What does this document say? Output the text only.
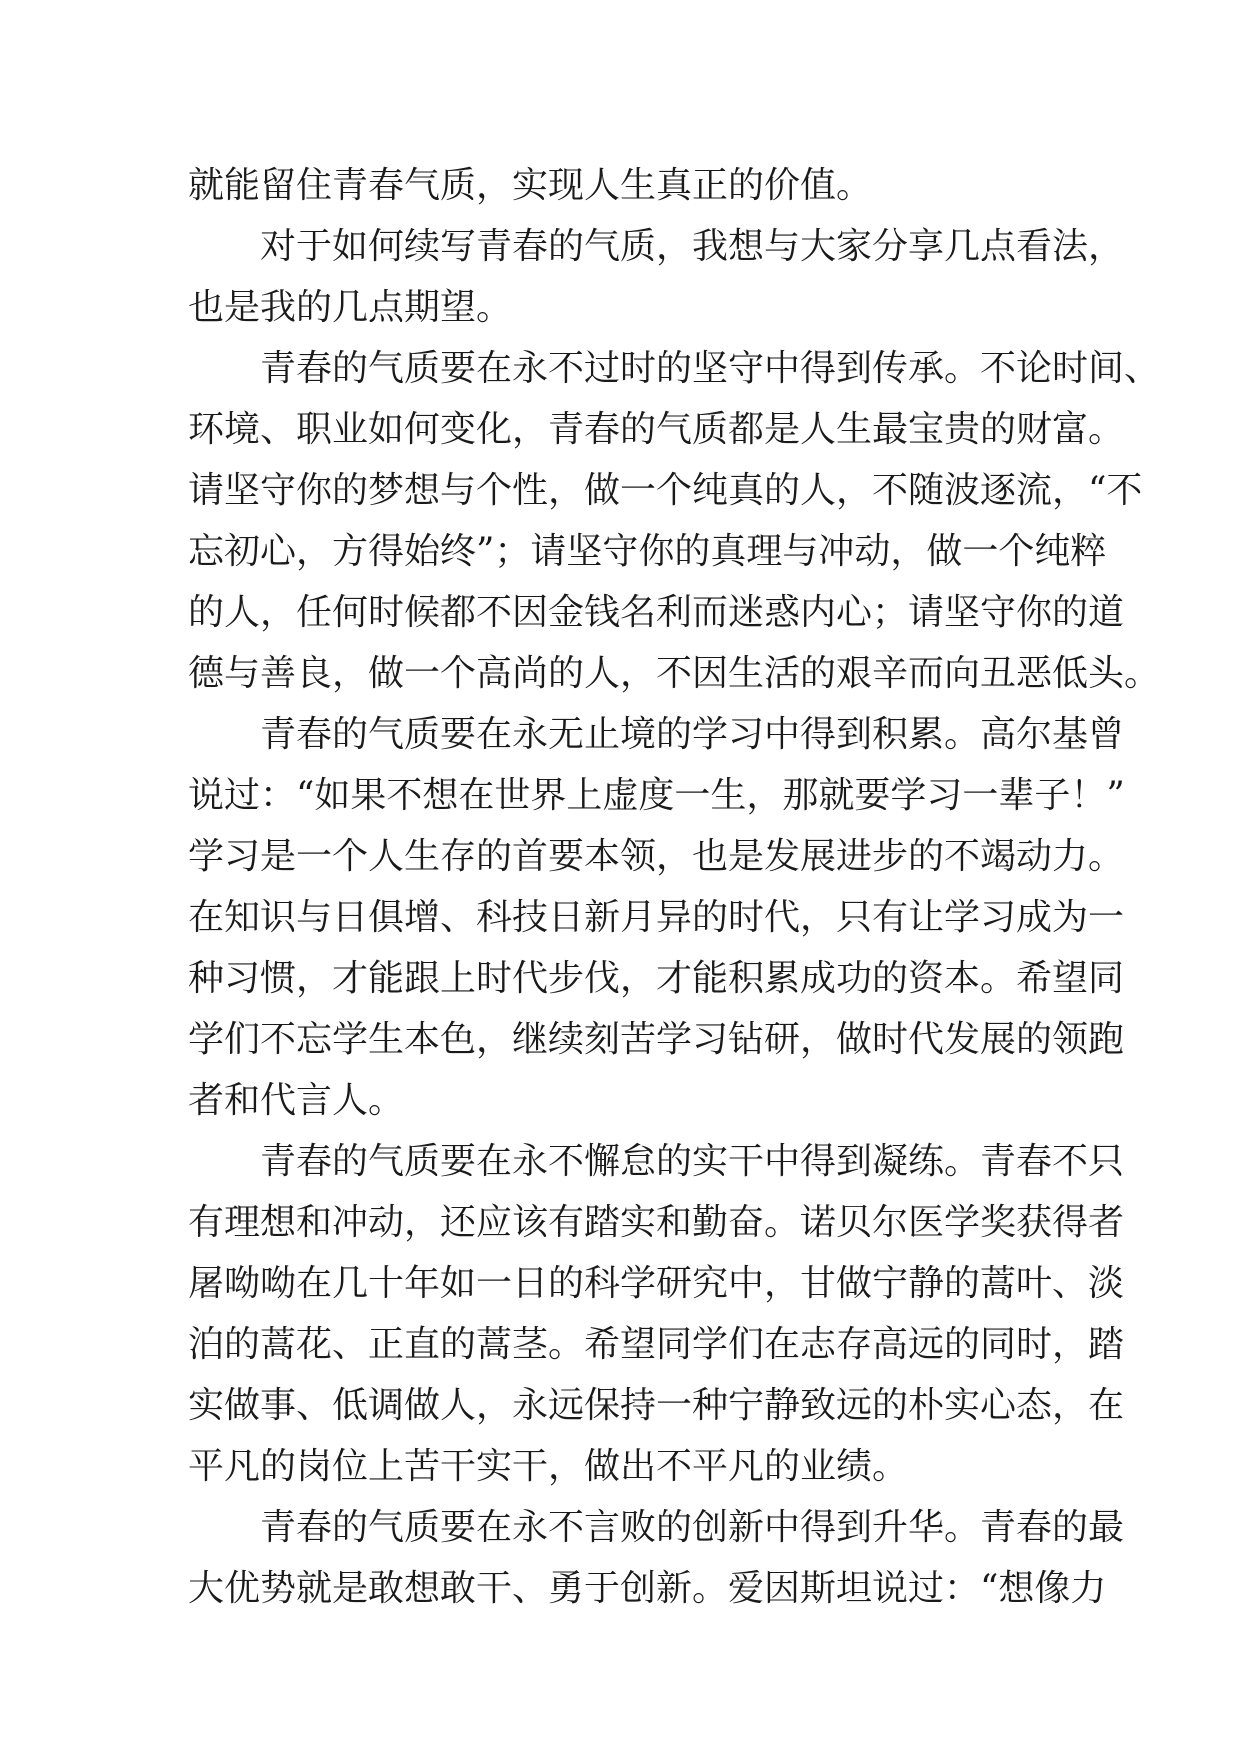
就能留住青春气质，实现人生真正的价值。
对于如何续写青春的气质，我想与大家分享几点看法，
也是我的几点期望。
青春的气质要在永不过时的坚守中得到传承。不论时间、
环境、职业如何变化，青春的气质都是人生最宝贵的财富。
请坚守你的梦想与个性，做一个纯真的人，不随波逐流，“不
忘初心，方得始终”；请坚守你的真理与冲动，做一个纯粹
的人，任何时候都不因金钱名利而迷惑内心；请坚守你的道
德与善良，做一个高尚的人，不因生活的艰辛而向丑恶低头。
青春的气质要在永无止境的学习中得到积累。高尔基曾
说过：“如果不想在世界上虚度一生，那就要学习一辈子！”
学习是一个人生存的首要本领，也是发展进步的不竭动力。
在知识与日俱增、科技日新月异的时代，只有让学习成为一
种习惯，才能跟上时代步伐，才能积累成功的资本。希望同
学们不忘学生本色，继续刻苦学习钻研，做时代发展的领跑
者和代言人。
青春的气质要在永不懈怠的实干中得到凝练。青春不只
有理想和冲动，还应该有踏实和勤奋。诺贝尔医学奖获得者
屠呦呦在几十年如一日的科学研究中，甘做宁静的蒿叶、淡
泊的蒿花、正直的蒿茎。希望同学们在志存高远的同时，踏
实做事、低调做人，永远保持一种宁静致远的朴实心态，在
平凡的岗位上苦干实干，做出不平凡的业绩。
青春的气质要在永不言败的创新中得到升华。青春的最
大优势就是敢想敢干、勇于创新。爱因斯坦说过：“想像力
